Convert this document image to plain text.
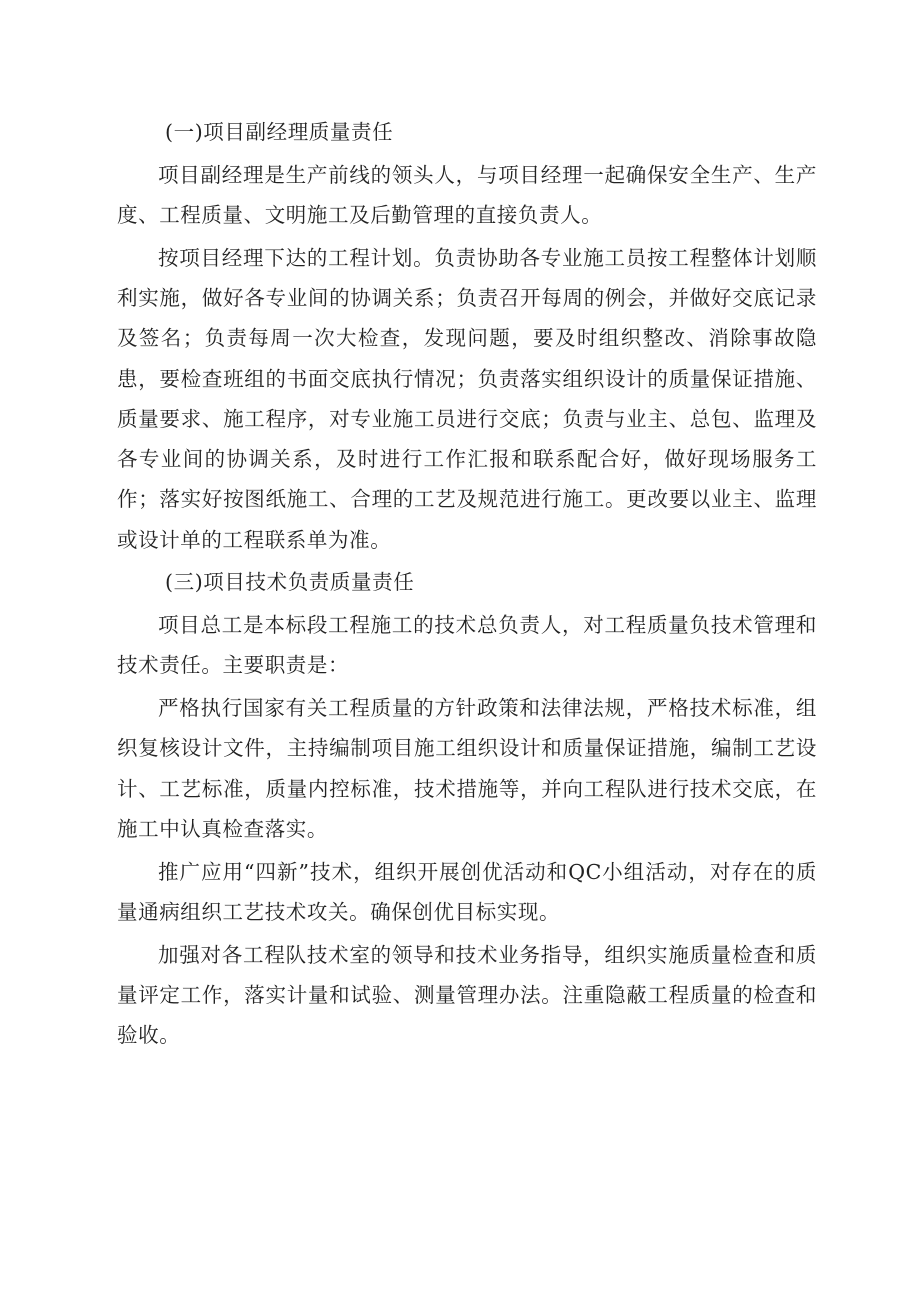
(一)项目副经理质量责任

项目副经理是生产前线的领头人，与项目经理一起确保安全生产、生产度、工程质量、文明施工及后勤管理的直接负责人。

按项目经理下达的工程计划。负责协助各专业施工员按工程整体计划顺利实施，做好各专业间的协调关系；负责召开每周的例会，并做好交底记录及签名；负责每周一次大检查，发现问题，要及时组织整改、消除事故隐患，要检查班组的书面交底执行情况；负责落实组织设计的质量保证措施、质量要求、施工程序，对专业施工员进行交底；负责与业主、总包、监理及各专业间的协调关系，及时进行工作汇报和联系配合好，做好现场服务工作；落实好按图纸施工、合理的工艺及规范进行施工。更改要以业主、监理或设计单的工程联系单为准。

(三)项目技术负责质量责任

项目总工是本标段工程施工的技术总负责人，对工程质量负技术管理和技术责任。主要职责是：

严格执行国家有关工程质量的方针政策和法律法规，严格技术标准，组织复核设计文件，主持编制项目施工组织设计和质量保证措施，编制工艺设计、工艺标准，质量内控标准，技术措施等，并向工程队进行技术交底，在施工中认真检查落实。

推广应用“四新”技术，组织开展创优活动和QC小组活动，对存在的质量通病组织工艺技术攻关。确保创优目标实现。

加强对各工程队技术室的领导和技术业务指导，组织实施质量检查和质量评定工作，落实计量和试验、测量管理办法。注重隐蔽工程质量的检查和验收。
